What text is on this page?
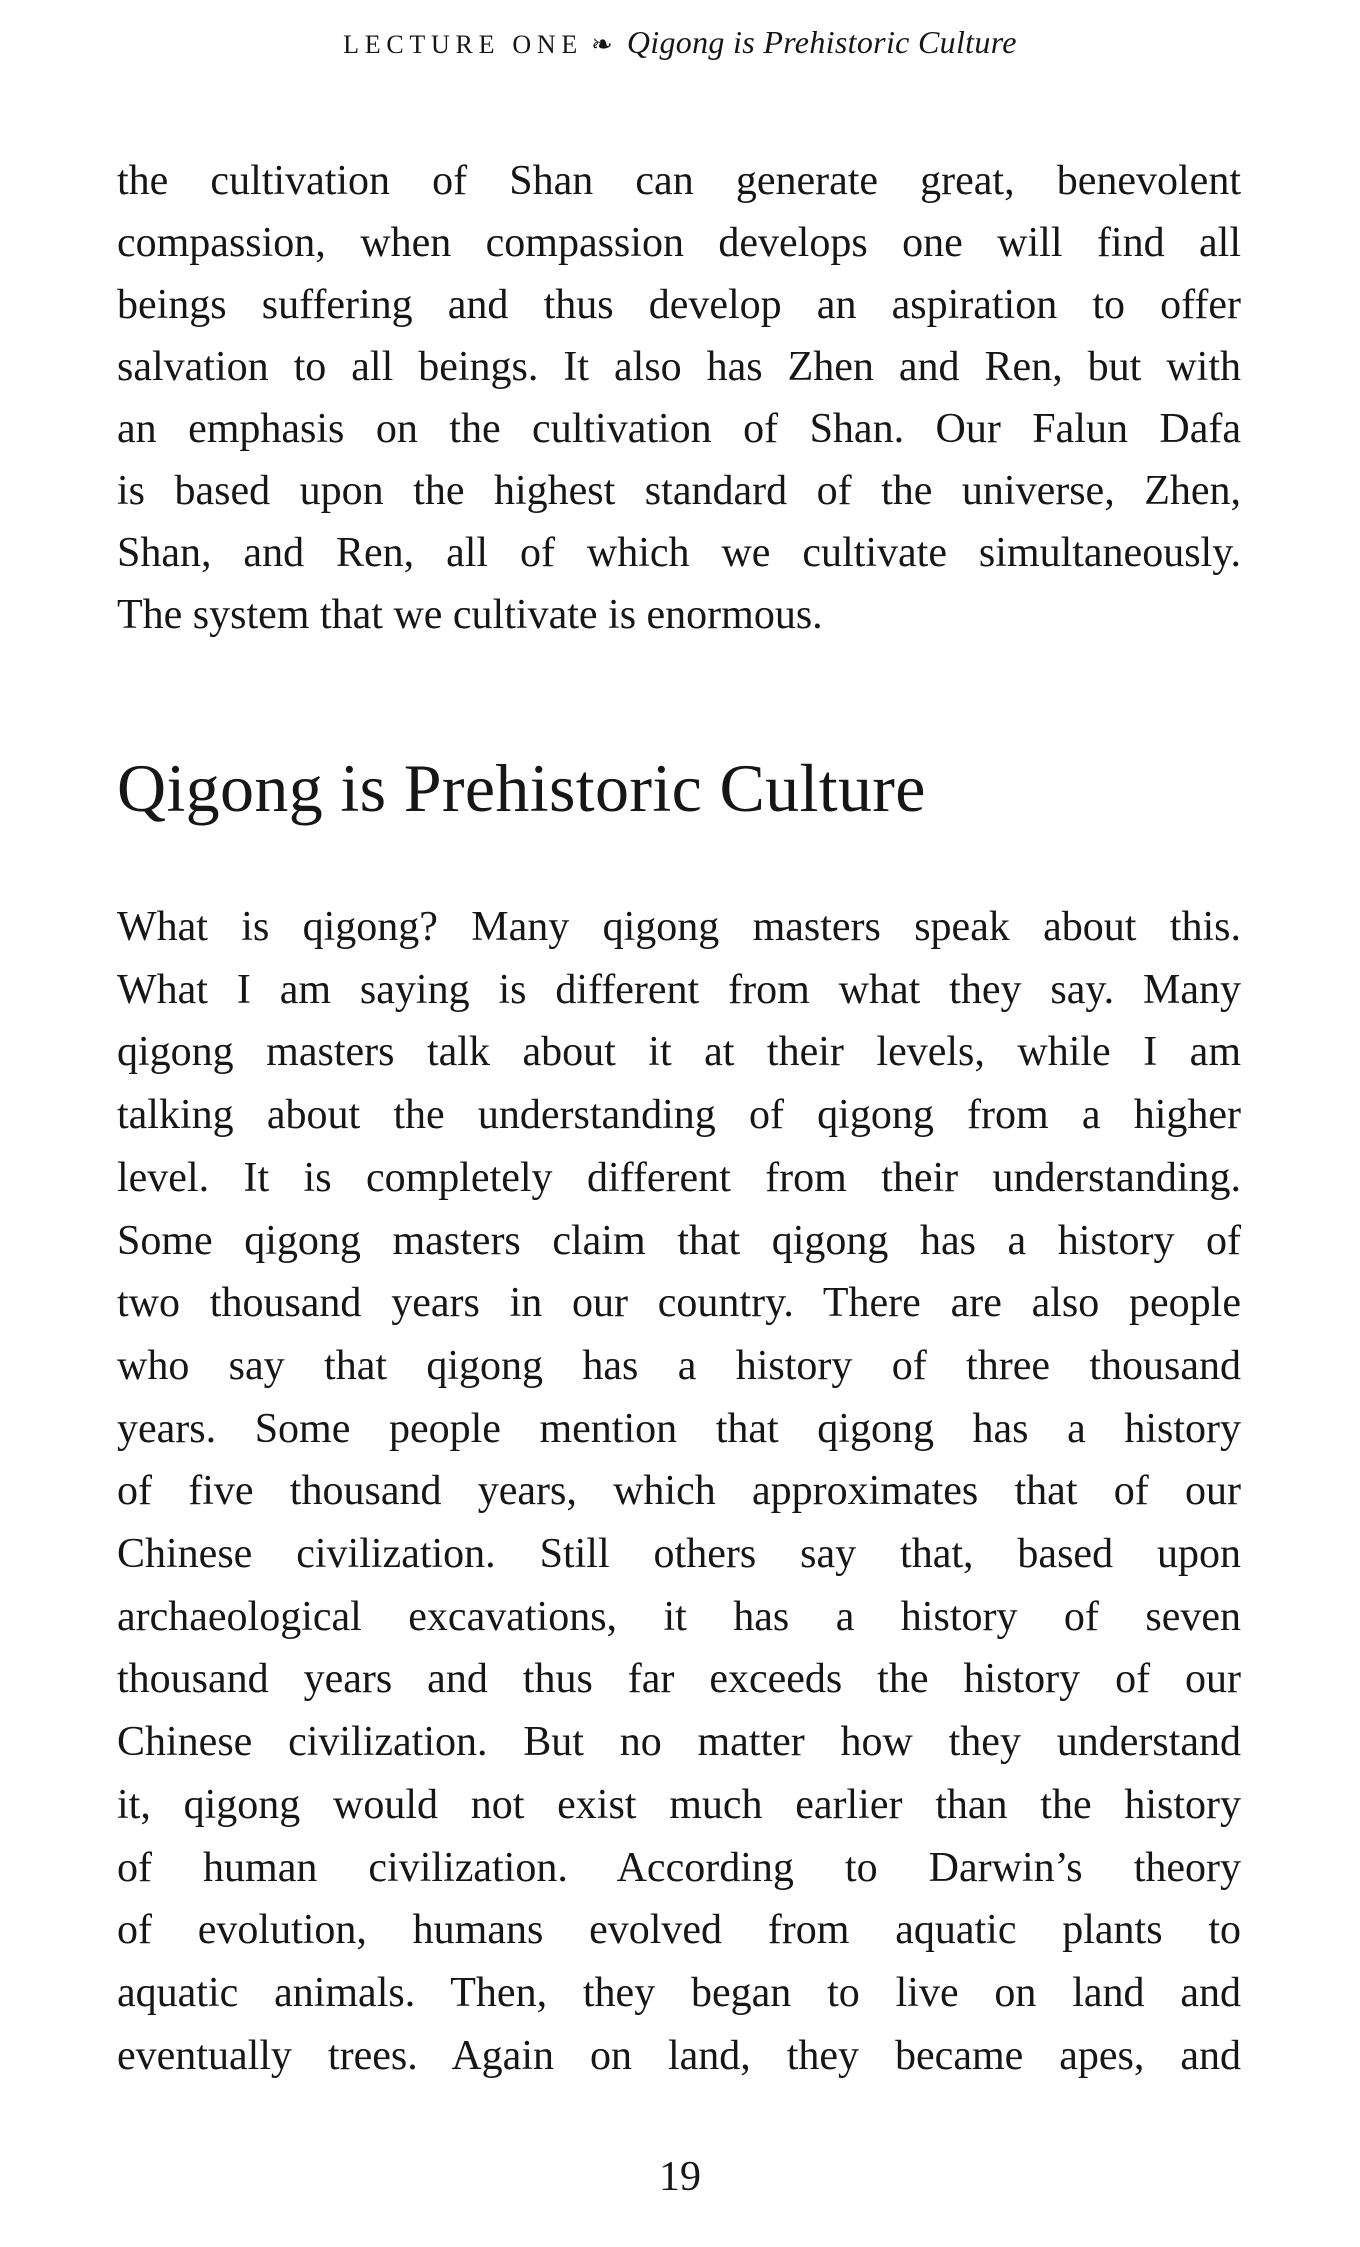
LECTURE ONE ❧ Qigong is Prehistoric Culture
the cultivation of Shan can generate great, benevolent
compassion, when compassion develops one will find all
beings suffering and thus develop an aspiration to offer
salvation to all beings. It also has Zhen and Ren, but with
an emphasis on the cultivation of Shan. Our Falun Dafa
is based upon the highest standard of the universe, Zhen,
Shan, and Ren, all of which we cultivate simultaneously.
The system that we cultivate is enormous.
Qigong is Prehistoric Culture
What is qigong? Many qigong masters speak about this.
What I am saying is different from what they say. Many
qigong masters talk about it at their levels, while I am
talking about the understanding of qigong from a higher
level. It is completely different from their understanding.
Some qigong masters claim that qigong has a history of
two thousand years in our country. There are also people
who say that qigong has a history of three thousand
years. Some people mention that qigong has a history
of five thousand years, which approximates that of our
Chinese civilization. Still others say that, based upon
archaeological excavations, it has a history of seven
thousand years and thus far exceeds the history of our
Chinese civilization. But no matter how they understand
it, qigong would not exist much earlier than the history
of human civilization. According to Darwin’s theory
of evolution, humans evolved from aquatic plants to
aquatic animals. Then, they began to live on land and
eventually trees. Again on land, they became apes, and
19
